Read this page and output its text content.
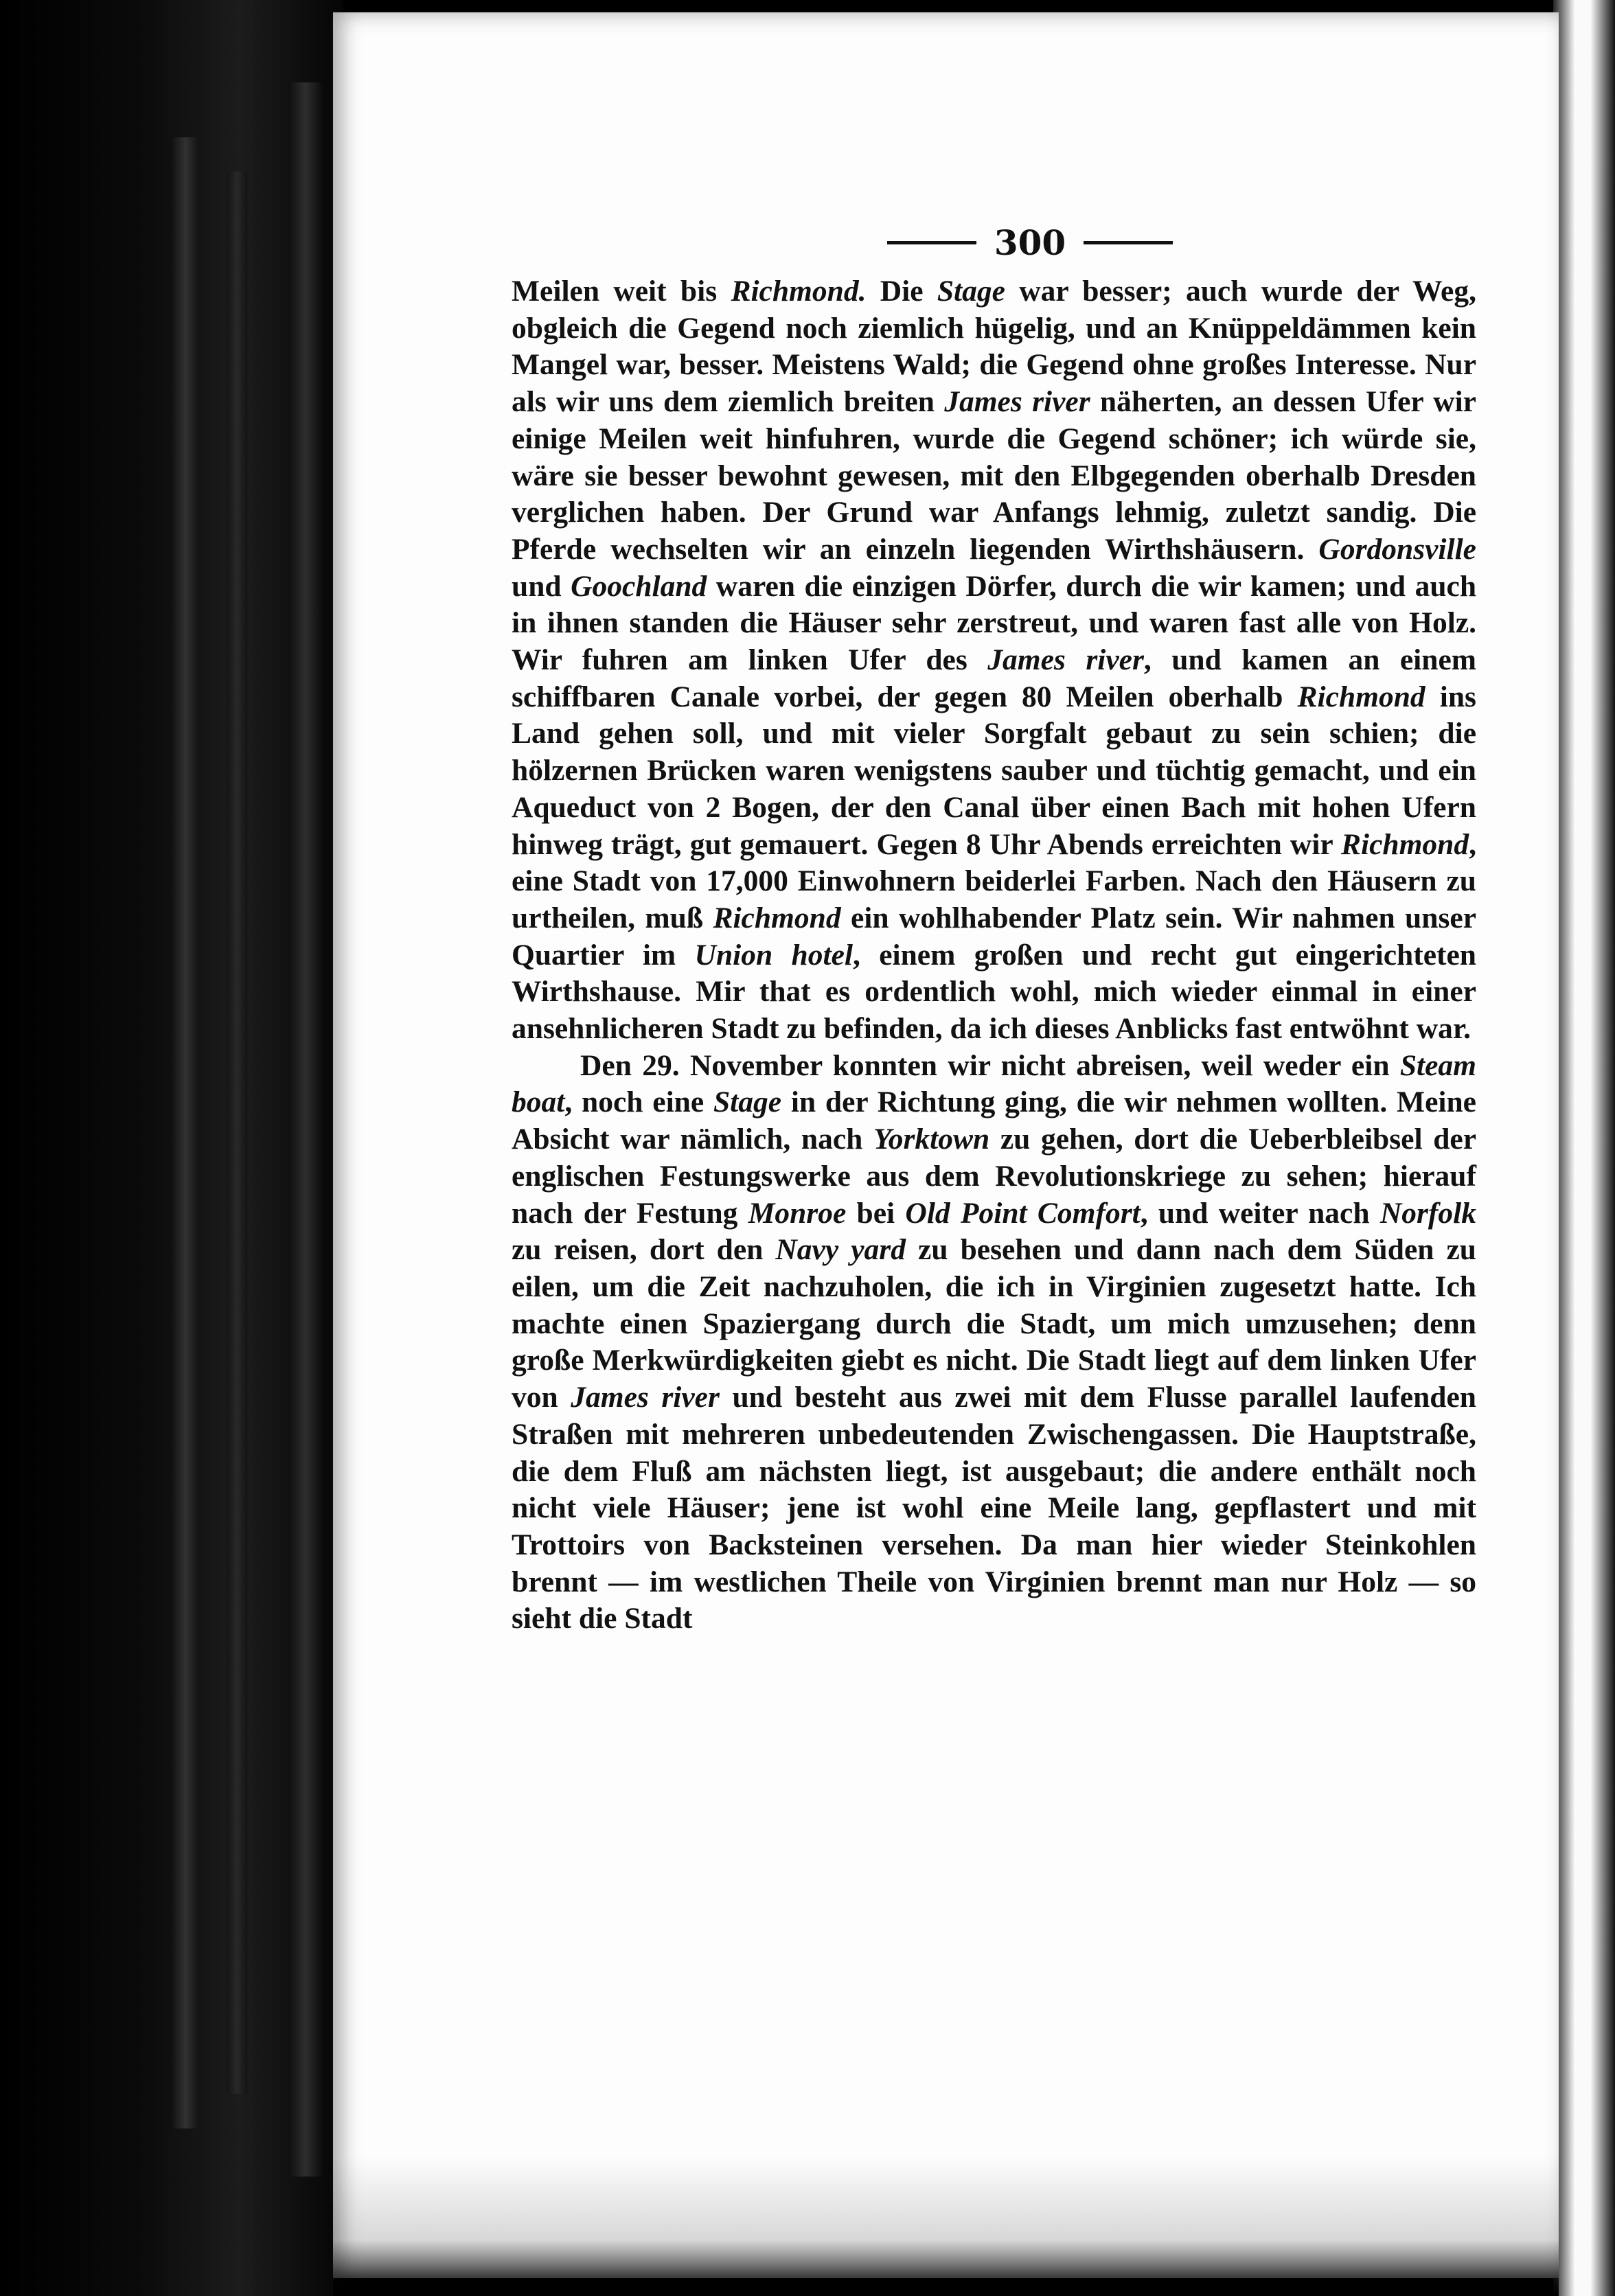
300

Meilen weit bis Richmond. Die Stage war besser; auch wurde der Weg, obgleich die Gegend noch ziemlich hügelig, und an Knüppeldämmen kein Mangel war, besser. Meistens Wald; die Gegend ohne großes Interesse. Nur als wir uns dem ziemlich breiten James river näherten, an dessen Ufer wir einige Meilen weit hinfuhren, wurde die Gegend schöner; ich würde sie, wäre sie besser bewohnt gewesen, mit den Elbgegenden oberhalb Dresden verglichen haben. Der Grund war Anfangs lehmig, zuletzt sandig. Die Pferde wechselten wir an einzeln liegenden Wirthshäusern. Gordonsville und Goochland waren die einzigen Dörfer, durch die wir kamen; und auch in ihnen standen die Häuser sehr zerstreut, und waren fast alle von Holz. Wir fuhren am linken Ufer des James river, und kamen an einem schiffbaren Canale vorbei, der gegen 80 Meilen oberhalb Richmond ins Land gehen soll, und mit vieler Sorgfalt gebaut zu sein schien; die hölzernen Brücken waren wenigstens sauber und tüchtig gemacht, und ein Aqueduct von 2 Bogen, der den Canal über einen Bach mit hohen Ufern hinweg trägt, gut gemauert. Gegen 8 Uhr Abends erreichten wir Richmond, eine Stadt von 17,000 Einwohnern beiderlei Farben. Nach den Häusern zu urtheilen, muß Richmond ein wohlhabender Platz sein. Wir nahmen unser Quartier im Union hotel, einem großen und recht gut eingerichteten Wirthshause. Mir that es ordentlich wohl, mich wieder einmal in einer ansehnlicheren Stadt zu befinden, da ich dieses Anblicks fast entwöhnt war.

Den 29. November konnten wir nicht abreisen, weil weder ein Steam boat, noch eine Stage in der Richtung ging, die wir nehmen wollten. Meine Absicht war nämlich, nach Yorktown zu gehen, dort die Ueberbleibsel der englischen Festungswerke aus dem Revolutionskriege zu sehen; hierauf nach der Festung Monroe bei Old Point Comfort, und weiter nach Norfolk zu reisen, dort den Navy yard zu besehen und dann nach dem Süden zu eilen, um die Zeit nachzuholen, die ich in Virginien zugesetzt hatte. Ich machte einen Spaziergang durch die Stadt, um mich umzusehen; denn große Merkwürdigkeiten giebt es nicht. Die Stadt liegt auf dem linken Ufer von James river und besteht aus zwei mit dem Flusse parallel laufenden Straßen mit mehreren unbedeutenden Zwischengassen. Die Hauptstraße, die dem Fluß am nächsten liegt, ist ausgebaut; die andere enthält noch nicht viele Häuser; jene ist wohl eine Meile lang, gepflastert und mit Trottoirs von Backsteinen versehen. Da man hier wieder Steinkohlen brennt — im westlichen Theile von Virginien brennt man nur Holz — so sieht die Stadt
